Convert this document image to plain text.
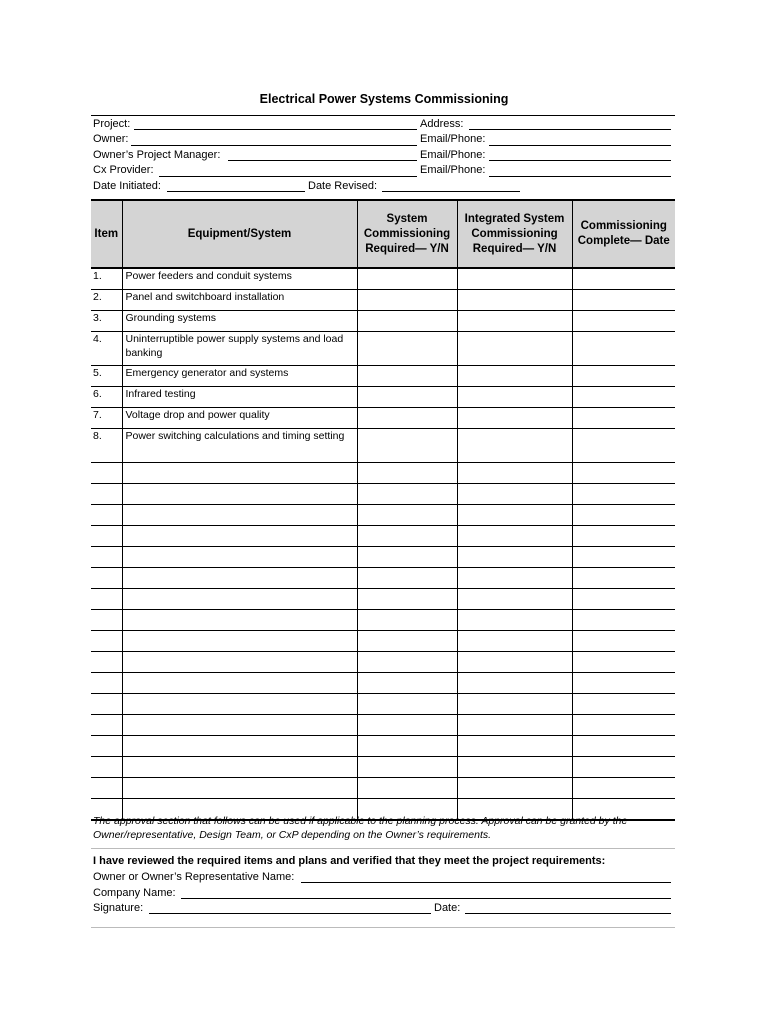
Electrical Power Systems Commissioning
Project:	Address:
Owner:	Email/Phone:
Owner’s Project Manager:	Email/Phone:
Cx Provider:	Email/Phone:
Date Initiated:	Date Revised:
Item	Equipment/System	System Commissioning Required— Y/N	Integrated System Commissioning Required— Y/N	Commissioning Complete— Date
1.	Power feeders and conduit systems			
2.	Panel and switchboard installation			
3.	Grounding systems			
4.	Uninterruptible power supply systems and load banking			
5.	Emergency generator and systems			
6.	Infrared testing			
7.	Voltage drop and power quality			
8.	Power switching calculations and timing setting			

The approval section that follows can be used if applicable to the planning process. Approval can be granted by the Owner/representative, Design Team, or CxP depending on the Owner’s requirements.
I have reviewed the required items and plans and verified that they meet the project requirements:
Owner or Owner’s Representative Name:
Company Name:
Signature:	Date:
